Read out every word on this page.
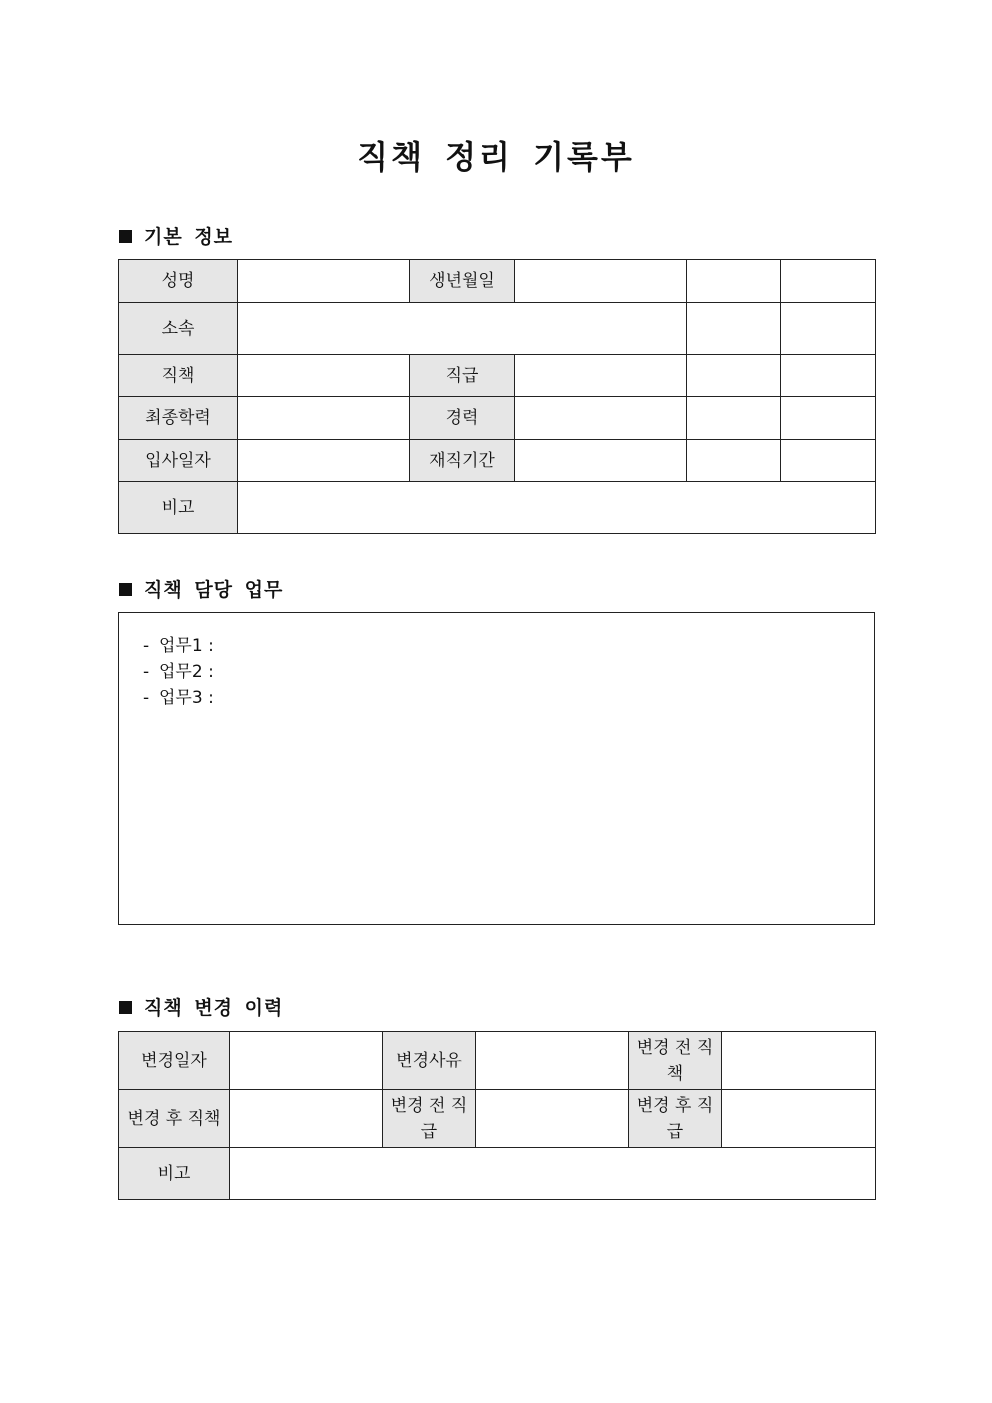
직책 정리 기록부
기본 정보
성명		생년월일			
소속					
직책		직급			
최종학력		경력			
입사일자		재직기간			
비고					
직책 담당 업무
- 업무1 :
- 업무2 :
- 업무3 :
직책 변경 이력
변경일자		변경사유		변경 전 직책	
변경 후 직책		변경 전 직급		변경 후 직급	
비고					
